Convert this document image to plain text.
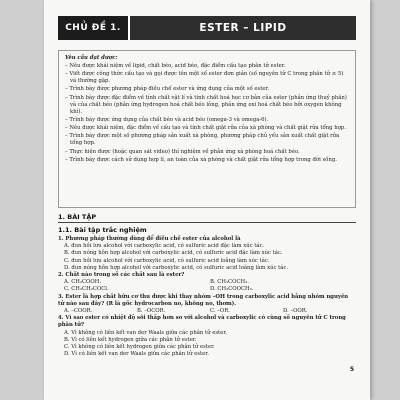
CHỦ ĐỀ 1.	ESTER – LIPID
Yêu cầu đạt được:
– Nêu được khái niệm về lipid, chất béo, acid béo, đặc điểm cấu tạo phân tử ester.
– Viết được công thức cấu tạo và gọi được tên một số ester đơn giản (số nguyên tử C trong phân tử ≤ 5) và thường gặp.
– Trình bày được phương pháp điều chế ester và ứng dụng của một số ester.
– Trình bày được đặc điểm về tính chất vật lí và tính chất hoá học cơ bản của ester (phản ứng thuỷ phân) và của chất béo (phản ứng hydrogen hoá chất béo lỏng, phản ứng oxi hoá chất béo bởi oxygen không khí).
– Trình bày được ứng dụng của chất béo và acid béo (omega-3 và omega-6).
– Nêu được khái niệm, đặc điểm về cấu tạo và tính chất giặt rửa của xà phòng và chất giặt rửa tổng hợp.
– Trình bày được một số phương pháp sản xuất xà phòng, phương pháp chủ yếu sản xuất chất giặt rửa tổng hợp.
– Thực hiện được (hoặc quan sát video) thí nghiệm về phản ứng xà phòng hoá chất béo.
– Trình bày được cách sử dụng hợp lí, an toàn của xà phòng và chất giặt rửa tổng hợp trong đời sống.
1. BÀI TẬP
1.1. Bài tập trắc nghiệm
1. Phương pháp thường dùng để điều chế ester của alcohol là
A. đun hồi lưu alcohol với carboxylic acid, có sulfuric acid đặc làm xúc tác.
B. đun nóng hỗn hợp alcohol với carboxylic acid, có sulfuric acid đặc làm xúc tác.
C. đun hồi lưu alcohol với carboxylic acid, có sulfuric acid loãng làm xúc tác.
D. đun nóng hỗn hợp alcohol với carboxylic acid, có sulfuric acid loãng làm xúc tác.
2. Chất nào trong số các chất sau là ester?
A. CH₃COOH.	B. CH₃COCH₃.
C. CH₃CH₂COCl.	D. CH₃COOCH₃.
3. Ester là hợp chất hữu cơ thu được khi thay nhóm –OH trong carboxylic acid bằng nhóm nguyên tử nào sau đây? (R là gốc hydrocarbon no, không no, thơm).
A. –COOR.	B. –OCOR.	C. –OR.	D. –OOR.
4. Vì sao ester có nhiệt độ sôi thấp hơn so với alcohol và carboxylic có cùng số nguyên tử C trong phân tử?
A. Vì không có liên kết van der Waals giữa các phân tử ester.
B. Vì có liên kết hydrogen giữa các phân tử ester.
C. Vì không có liên kết hydrogen giữa các phân tử ester.
D. Vì có liên kết van der Waals giữa các phân tử ester.
5
